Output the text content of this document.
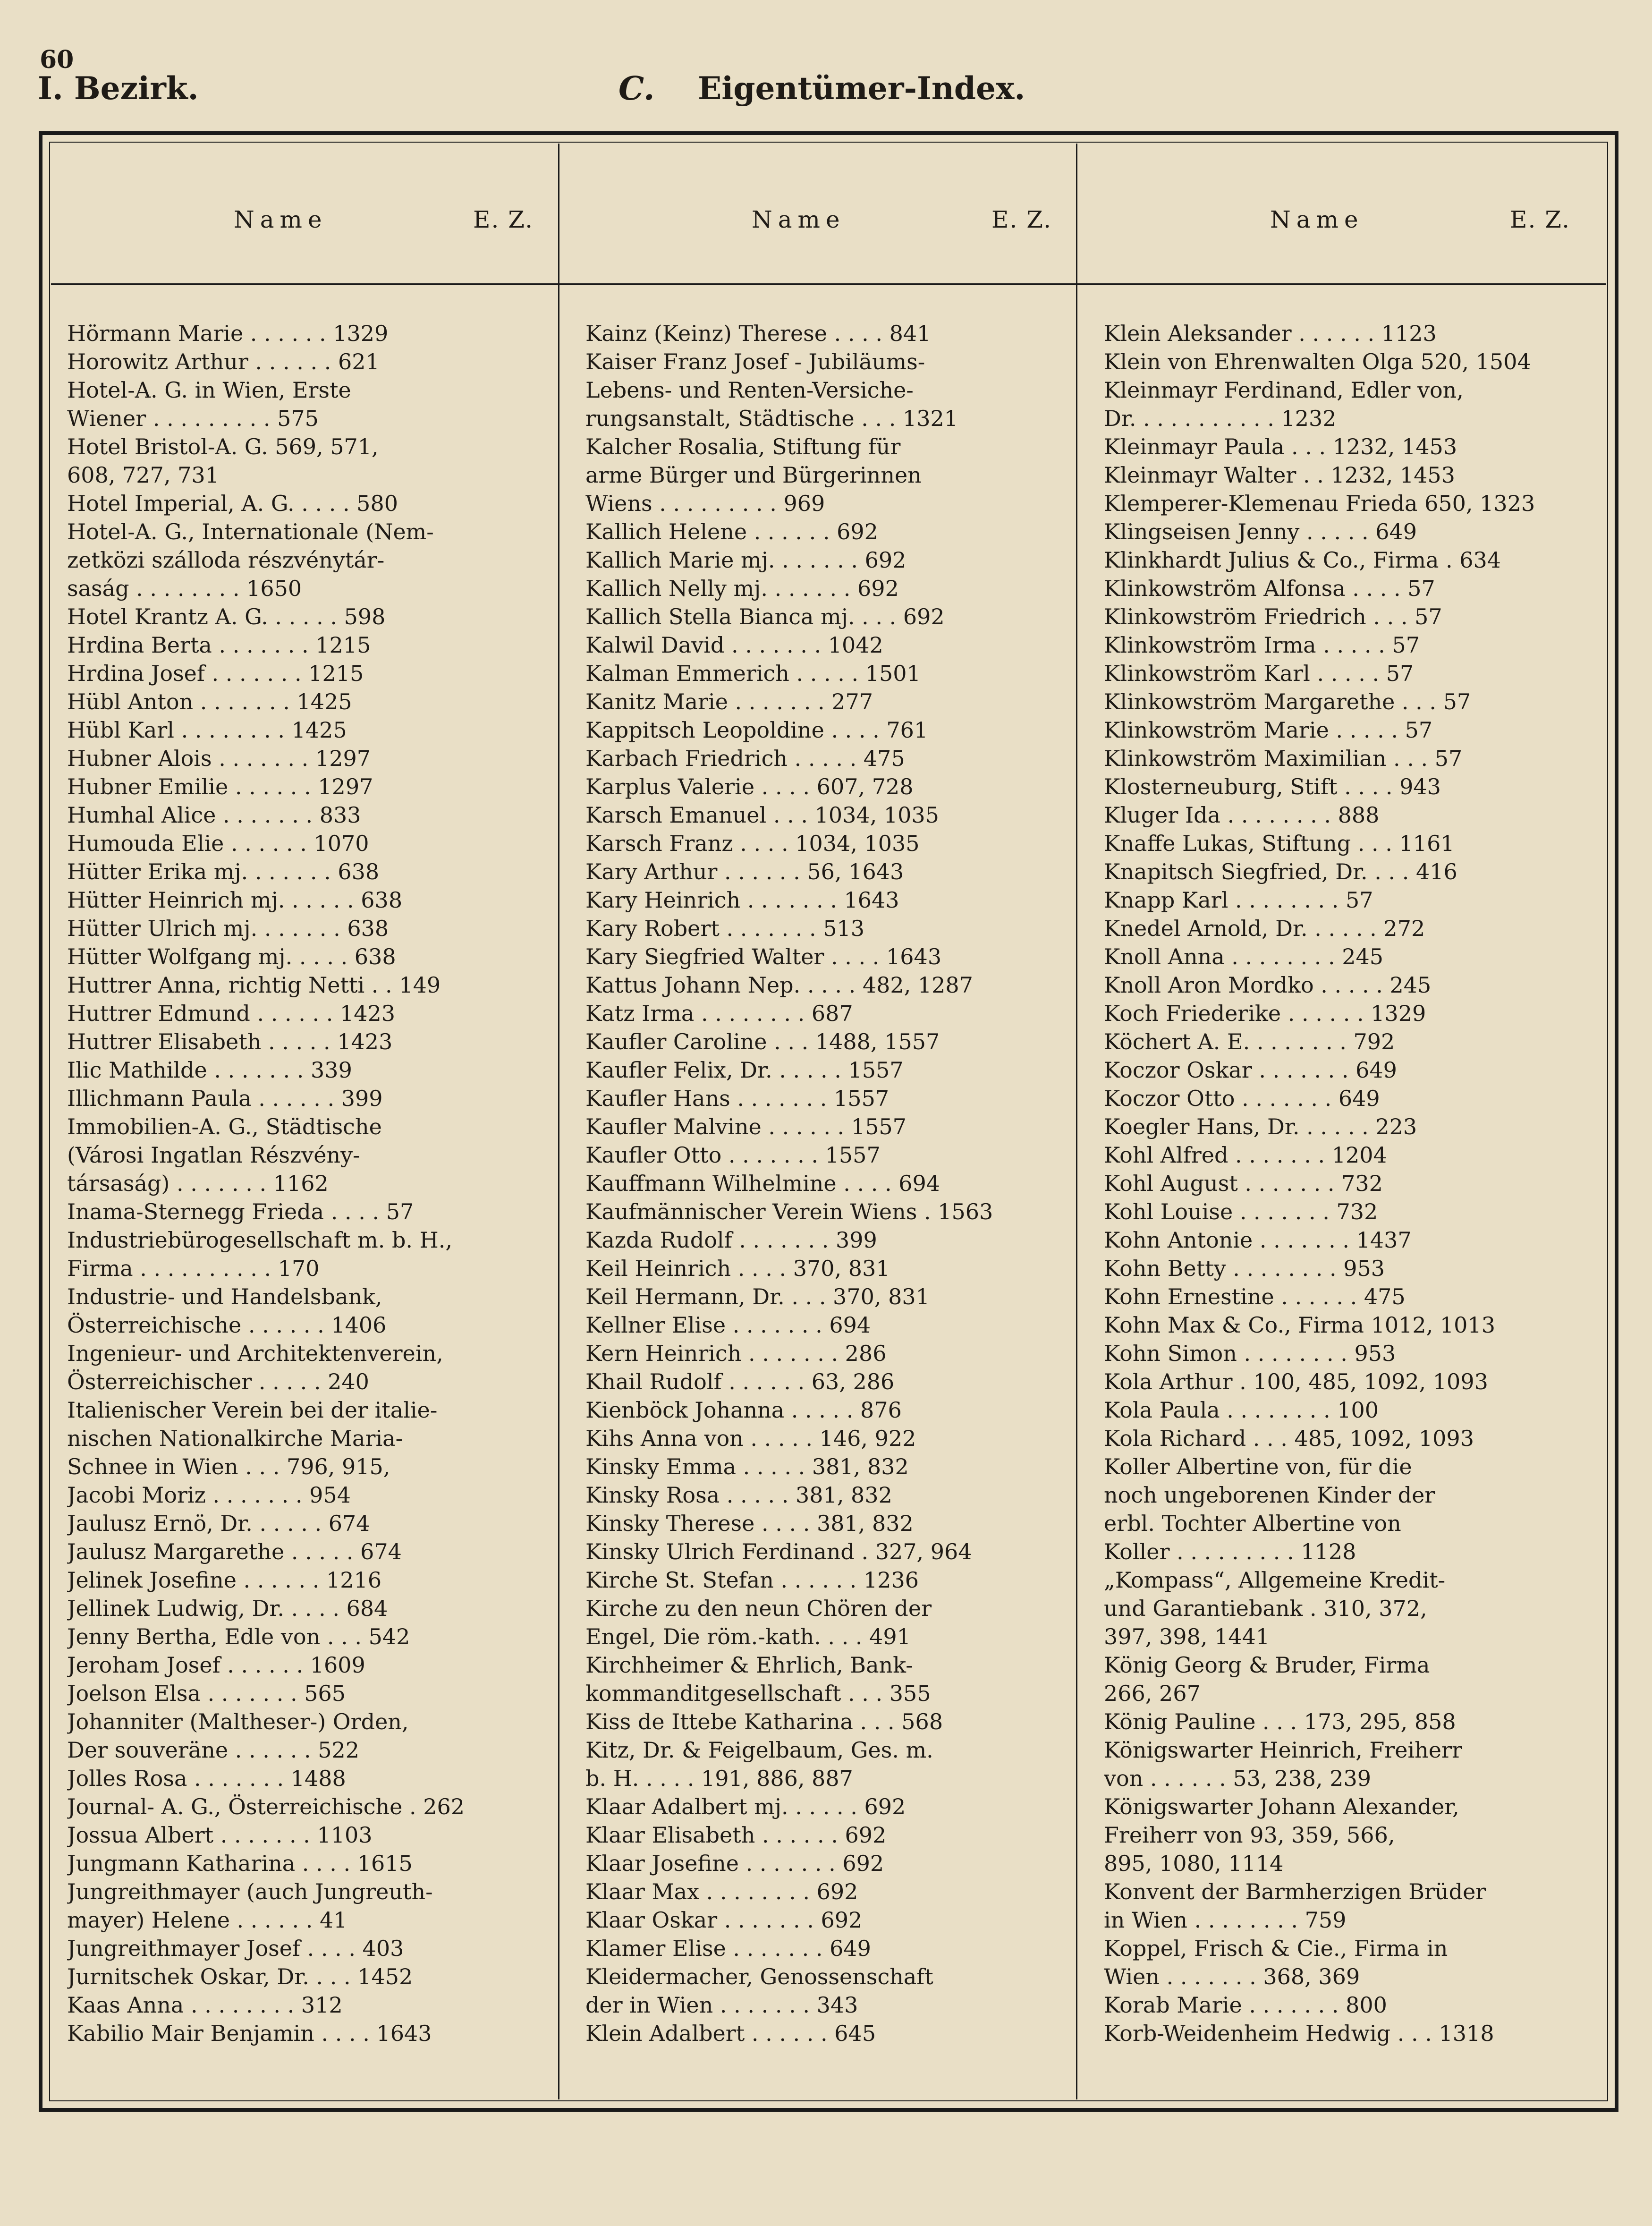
60
I. Bezirk.	C. Eigentümer-Index.
Name	E. Z.	Name	E. Z.	Name	E. Z.
Hörmann Marie . . . . . . 1329
Horowitz Arthur . . . . . . 621
Hotel-A. G. in Wien, Erste
Wiener . . . . . . . . . 575
Hotel Bristol-A. G. 569, 571,
608, 727, 731
Hotel Imperial, A. G. . . . . 580
Hotel-A. G., Internationale (Nem-
zetközi szálloda részvénytár-
saság . . . . . . . . 1650
Hotel Krantz A. G. . . . . . 598
Hrdina Berta . . . . . . . 1215
Hrdina Josef . . . . . . . 1215
Hübl Anton . . . . . . . 1425
Hübl Karl . . . . . . . . 1425
Hubner Alois . . . . . . . 1297
Hubner Emilie . . . . . . 1297
Humhal Alice . . . . . . . 833
Humouda Elie . . . . . . 1070
Hütter Erika mj. . . . . . . 638
Hütter Heinrich mj. . . . . . 638
Hütter Ulrich mj. . . . . . . 638
Hütter Wolfgang mj. . . . . 638
Huttrer Anna, richtig Netti . . 149
Huttrer Edmund . . . . . . 1423
Huttrer Elisabeth . . . . . 1423
Ilic Mathilde . . . . . . . 339
Illichmann Paula . . . . . . 399
Immobilien-A. G., Städtische
(Városi Ingatlan Részvény-
társaság) . . . . . . . 1162
Inama-Sternegg Frieda . . . . 57
Industriebürogesellschaft m. b. H.,
Firma . . . . . . . . . . 170
Industrie- und Handelsbank,
Österreichische . . . . . . 1406
Ingenieur- und Architektenverein,
Österreichischer . . . . . 240
Italienischer Verein bei der italie-
nischen Nationalkirche Maria-
Schnee in Wien . . . 796, 915,
Jacobi Moriz . . . . . . . 954
Jaulusz Ernö, Dr. . . . . . 674
Jaulusz Margarethe . . . . . 674
Jelinek Josefine . . . . . . 1216
Jellinek Ludwig, Dr. . . . . 684
Jenny Bertha, Edle von . . . 542
Jeroham Josef . . . . . . 1609
Joelson Elsa . . . . . . . 565
Johanniter (Maltheser-) Orden,
Der souveräne . . . . . . 522
Jolles Rosa . . . . . . . 1488
Journal- A. G., Österreichische . 262
Jossua Albert . . . . . . . 1103
Jungmann Katharina . . . . 1615
Jungreithmayer (auch Jungreuth-
mayer) Helene . . . . . . 41
Jungreithmayer Josef . . . . 403
Jurnitschek Oskar, Dr. . . . 1452
Kaas Anna . . . . . . . . 312
Kabilio Mair Benjamin . . . . 1643
Kainz (Keinz) Therese . . . . 841
Kaiser Franz Josef - Jubiläums-
Lebens- und Renten-Versiche-
rungsanstalt, Städtische . . . 1321
Kalcher Rosalia, Stiftung für
arme Bürger und Bürgerinnen
Wiens . . . . . . . . . 969
Kallich Helene . . . . . . 692
Kallich Marie mj. . . . . . . 692
Kallich Nelly mj. . . . . . . 692
Kallich Stella Bianca mj. . . . 692
Kalwil David . . . . . . . 1042
Kalman Emmerich . . . . . 1501
Kanitz Marie . . . . . . . 277
Kappitsch Leopoldine . . . . 761
Karbach Friedrich . . . . . 475
Karplus Valerie . . . . 607, 728
Karsch Emanuel . . . 1034, 1035
Karsch Franz . . . . 1034, 1035
Kary Arthur . . . . . . 56, 1643
Kary Heinrich . . . . . . . 1643
Kary Robert . . . . . . . 513
Kary Siegfried Walter . . . . 1643
Kattus Johann Nep. . . . . 482, 1287
Katz Irma . . . . . . . . 687
Kaufler Caroline . . . 1488, 1557
Kaufler Felix, Dr. . . . . . 1557
Kaufler Hans . . . . . . . 1557
Kaufler Malvine . . . . . . 1557
Kaufler Otto . . . . . . . 1557
Kauffmann Wilhelmine . . . . 694
Kaufmännischer Verein Wiens . 1563
Kazda Rudolf . . . . . . . 399
Keil Heinrich . . . . 370, 831
Keil Hermann, Dr. . . . 370, 831
Kellner Elise . . . . . . . 694
Kern Heinrich . . . . . . . 286
Khail Rudolf . . . . . . 63, 286
Kienböck Johanna . . . . . 876
Kihs Anna von . . . . . 146, 922
Kinsky Emma . . . . . 381, 832
Kinsky Rosa . . . . . 381, 832
Kinsky Therese . . . . 381, 832
Kinsky Ulrich Ferdinand . 327, 964
Kirche St. Stefan . . . . . . 1236
Kirche zu den neun Chören der
Engel, Die röm.-kath. . . . 491
Kirchheimer & Ehrlich, Bank-
kommanditgesellschaft . . . 355
Kiss de Ittebe Katharina . . . 568
Kitz, Dr. & Feigelbaum, Ges. m.
b. H. . . . . 191, 886, 887
Klaar Adalbert mj. . . . . . 692
Klaar Elisabeth . . . . . . 692
Klaar Josefine . . . . . . . 692
Klaar Max . . . . . . . . 692
Klaar Oskar . . . . . . . 692
Klamer Elise . . . . . . . 649
Kleidermacher, Genossenschaft
der in Wien . . . . . . . 343
Klein Adalbert . . . . . . 645
Klein Aleksander . . . . . . 1123
Klein von Ehrenwalten Olga 520, 1504
Kleinmayr Ferdinand, Edler von,
Dr. . . . . . . . . . . 1232
Kleinmayr Paula . . . 1232, 1453
Kleinmayr Walter . . 1232, 1453
Klemperer-Klemenau Frieda 650, 1323
Klingseisen Jenny . . . . . 649
Klinkhardt Julius & Co., Firma . 634
Klinkowström Alfonsa . . . . 57
Klinkowström Friedrich . . . 57
Klinkowström Irma . . . . . 57
Klinkowström Karl . . . . . 57
Klinkowström Margarethe . . . 57
Klinkowström Marie . . . . . 57
Klinkowström Maximilian . . . 57
Klosterneuburg, Stift . . . . 943
Kluger Ida . . . . . . . . 888
Knaffe Lukas, Stiftung . . . 1161
Knapitsch Siegfried, Dr. . . . 416
Knapp Karl . . . . . . . . 57
Knedel Arnold, Dr. . . . . . 272
Knoll Anna . . . . . . . . 245
Knoll Aron Mordko . . . . . 245
Koch Friederike . . . . . . 1329
Köchert A. E. . . . . . . . 792
Koczor Oskar . . . . . . . 649
Koczor Otto . . . . . . . 649
Koegler Hans, Dr. . . . . . 223
Kohl Alfred . . . . . . . 1204
Kohl August . . . . . . . 732
Kohl Louise . . . . . . . 732
Kohn Antonie . . . . . . . 1437
Kohn Betty . . . . . . . . 953
Kohn Ernestine . . . . . . 475
Kohn Max & Co., Firma 1012, 1013
Kohn Simon . . . . . . . . 953
Kola Arthur . 100, 485, 1092, 1093
Kola Paula . . . . . . . . 100
Kola Richard . . . 485, 1092, 1093
Koller Albertine von, für die
noch ungeborenen Kinder der
erbl. Tochter Albertine von
Koller . . . . . . . . . 1128
„Kompass“, Allgemeine Kredit-
und Garantiebank . 310, 372,
397, 398, 1441
König Georg & Bruder, Firma
266, 267
König Pauline . . . 173, 295, 858
Königswarter Heinrich, Freiherr
von . . . . . . 53, 238, 239
Königswarter Johann Alexander,
Freiherr von 93, 359, 566,
895, 1080, 1114
Konvent der Barmherzigen Brüder
in Wien . . . . . . . . 759
Koppel, Frisch & Cie., Firma in
Wien . . . . . . . 368, 369
Korab Marie . . . . . . . 800
Korb-Weidenheim Hedwig . . . 1318
